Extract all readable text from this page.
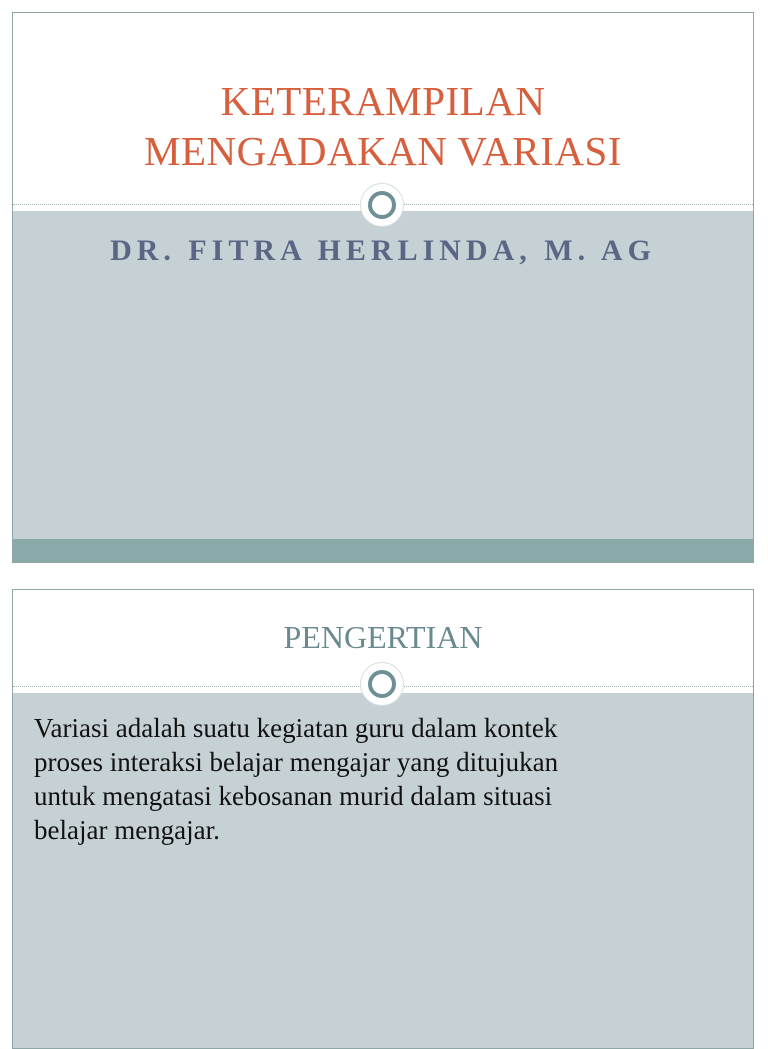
KETERAMPILAN
MENGADAKAN VARIASI
DR. FITRA HERLINDA, M. AG
PENGERTIAN

Variasi adalah suatu kegiatan guru dalam kontek
proses interaksi belajar mengajar yang ditujukan
untuk mengatasi kebosanan murid dalam situasi
belajar mengajar.
